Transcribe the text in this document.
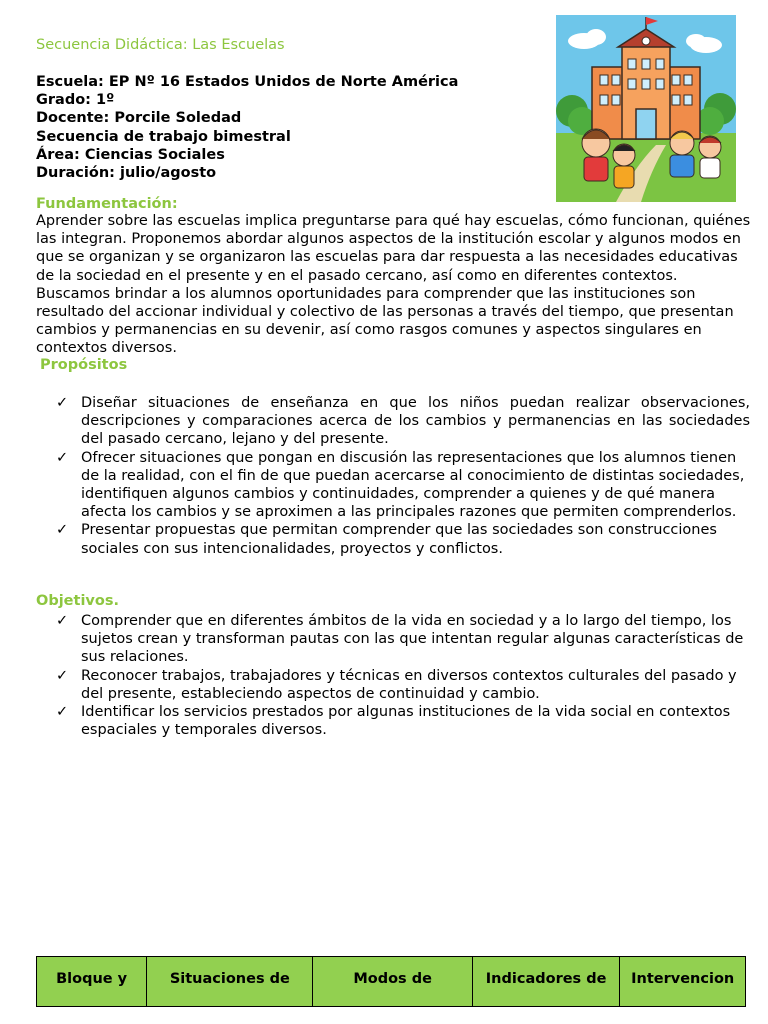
Secuencia Didáctica: Las Escuelas
Escuela: EP Nº 16 Estados Unidos de Norte América
Grado: 1º
Docente: Porcile Soledad
Secuencia de trabajo bimestral
Área: Ciencias Sociales
Duración: julio/agosto
Fundamentación:
Aprender sobre las escuelas implica preguntarse para qué hay escuelas, cómo funcionan, quiénes las integran. Proponemos abordar algunos aspectos de la institución escolar y algunos modos en que se organizan y se organizaron las escuelas para dar respuesta a las necesidades educativas de la sociedad en el presente y en el pasado cercano, así como en diferentes contextos. Buscamos brindar a los alumnos oportunidades para comprender que las instituciones son resultado del accionar individual y colectivo de las personas a través del tiempo, que presentan cambios y permanencias en su devenir, así como rasgos comunes y aspectos singulares en contextos diversos.
Propósitos
✓ Diseñar situaciones de enseñanza en que los niños puedan realizar observaciones, descripciones y comparaciones acerca de los cambios y permanencias en las sociedades del pasado cercano, lejano y del presente.
✓ Ofrecer situaciones que pongan en discusión las representaciones que los alumnos tienen de la realidad, con el fin de que puedan acercarse al conocimiento de distintas sociedades, identifiquen algunos cambios y continuidades, comprender a quienes y de qué manera afecta los cambios y se aproximen a las principales razones que permiten comprenderlos.
✓ Presentar propuestas que permitan comprender que las sociedades son construcciones sociales con sus intencionalidades, proyectos y conflictos.
Objetivos.
✓ Comprender que en diferentes ámbitos de la vida en sociedad y a lo largo del tiempo, los sujetos crean y transforman pautas con las que intentan regular algunas características de sus relaciones.
✓ Reconocer trabajos, trabajadores y técnicas en diversos contextos culturales del pasado y del presente, estableciendo aspectos de continuidad y cambio.
✓ Identificar los servicios prestados por algunas instituciones de la vida social en contextos espaciales y temporales diversos.
Bloque y	Situaciones de	Modos de	Indicadores de	Intervencion
